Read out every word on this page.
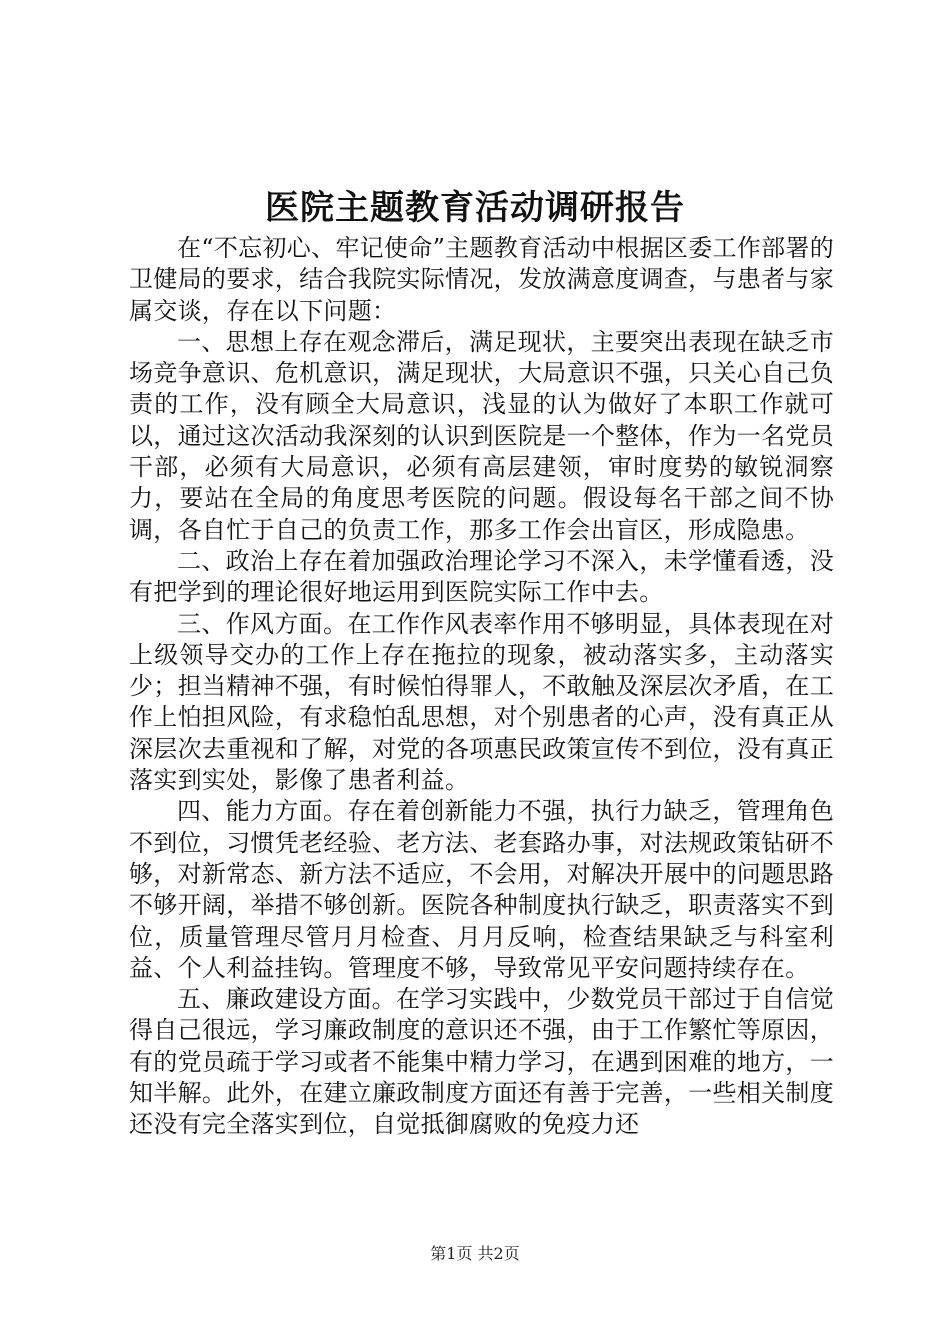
医院主题教育活动调研报告

在“不忘初心、牢记使命”主题教育活动中根据区委工作部署的卫健局的要求，结合我院实际情况，发放满意度调查，与患者与家属交谈，存在以下问题：

一、思想上存在观念滞后，满足现状，主要突出表现在缺乏市场竞争意识、危机意识，满足现状，大局意识不强，只关心自己负责的工作，没有顾全大局意识，浅显的认为做好了本职工作就可以，通过这次活动我深刻的认识到医院是一个整体，作为一名党员干部，必须有大局意识，必须有高层建领，审时度势的敏锐洞察力，要站在全局的角度思考医院的问题。假设每名干部之间不协调，各自忙于自己的负责工作，那多工作会出盲区，形成隐患。

二、政治上存在着加强政治理论学习不深入，未学懂看透，没有把学到的理论很好地运用到医院实际工作中去。

三、作风方面。在工作作风表率作用不够明显，具体表现在对上级领导交办的工作上存在拖拉的现象，被动落实多，主动落实少；担当精神不强，有时候怕得罪人，不敢触及深层次矛盾，在工作上怕担风险，有求稳怕乱思想，对个别患者的心声，没有真正从深层次去重视和了解，对党的各项惠民政策宣传不到位，没有真正落实到实处，影像了患者利益。

四、能力方面。存在着创新能力不强，执行力缺乏，管理角色不到位，习惯凭老经验、老方法、老套路办事，对法规政策钻研不够，对新常态、新方法不适应，不会用，对解决开展中的问题思路不够开阔，举措不够创新。医院各种制度执行缺乏，职责落实不到位，质量管理尽管月月检查、月月反响，检查结果缺乏与科室利益、个人利益挂钩。管理度不够，导致常见平安问题持续存在。

五、廉政建设方面。在学习实践中，少数党员干部过于自信觉得自己很远，学习廉政制度的意识还不强，由于工作繁忙等原因，有的党员疏于学习或者不能集中精力学习，在遇到困难的地方，一知半解。此外，在建立廉政制度方面还有善于完善，一些相关制度还没有完全落实到位，自觉抵御腐败的免疫力还

第1页 共2页
